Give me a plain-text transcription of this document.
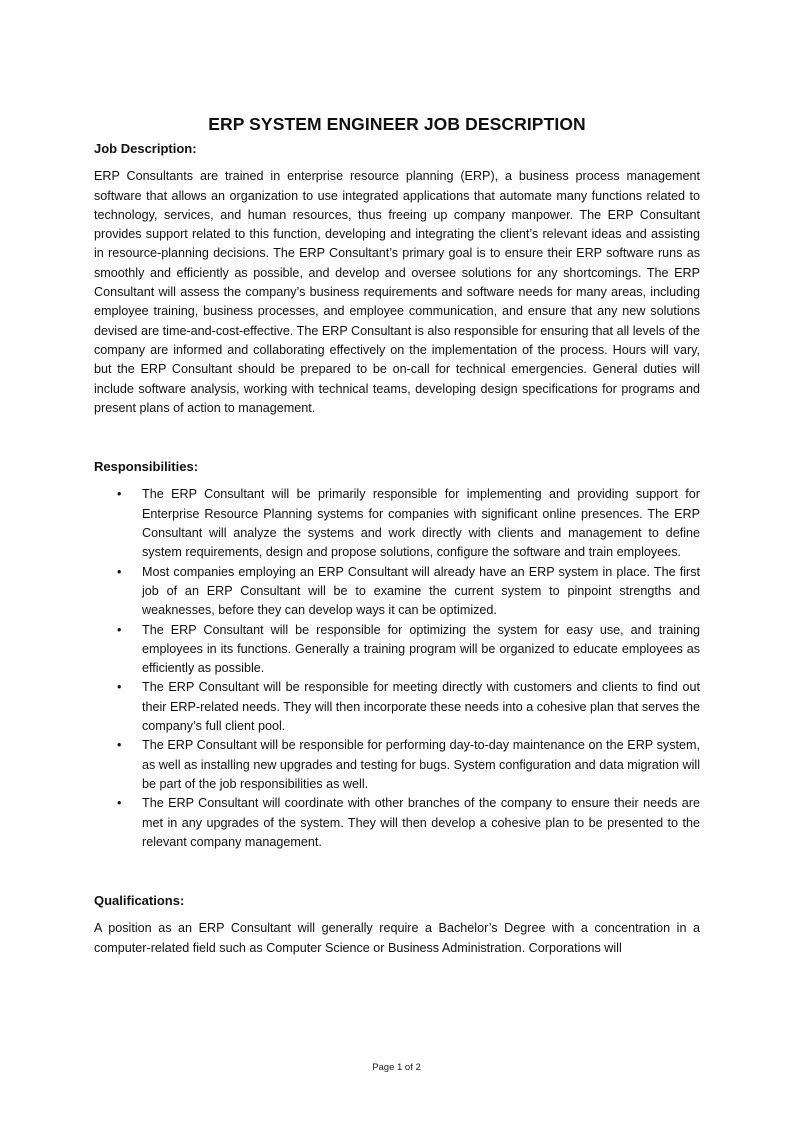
ERP SYSTEM ENGINEER JOB DESCRIPTION
Job Description:

ERP Consultants are trained in enterprise resource planning (ERP), a business process management software that allows an organization to use integrated applications that automate many functions related to technology, services, and human resources, thus freeing up company manpower. The ERP Consultant provides support related to this function, developing and integrating the client’s relevant ideas and assisting in resource-planning decisions. The ERP Consultant’s primary goal is to ensure their ERP software runs as smoothly and efficiently as possible, and develop and oversee solutions for any shortcomings. The ERP Consultant will assess the company’s business requirements and software needs for many areas, including employee training, business processes, and employee communication, and ensure that any new solutions devised are time-and-cost-effective. The ERP Consultant is also responsible for ensuring that all levels of the company are informed and collaborating effectively on the implementation of the process. Hours will vary, but the ERP Consultant should be prepared to be on-call for technical emergencies. General duties will include software analysis, working with technical teams, developing design specifications for programs and present plans of action to management.

Responsibilities:
• The ERP Consultant will be primarily responsible for implementing and providing support for Enterprise Resource Planning systems for companies with significant online presences. The ERP Consultant will analyze the systems and work directly with clients and management to define system requirements, design and propose solutions, configure the software and train employees.
• Most companies employing an ERP Consultant will already have an ERP system in place. The first job of an ERP Consultant will be to examine the current system to pinpoint strengths and weaknesses, before they can develop ways it can be optimized.
• The ERP Consultant will be responsible for optimizing the system for easy use, and training employees in its functions. Generally a training program will be organized to educate employees as efficiently as possible.
• The ERP Consultant will be responsible for meeting directly with customers and clients to find out their ERP-related needs. They will then incorporate these needs into a cohesive plan that serves the company’s full client pool.
• The ERP Consultant will be responsible for performing day-to-day maintenance on the ERP system, as well as installing new upgrades and testing for bugs. System configuration and data migration will be part of the job responsibilities as well.
• The ERP Consultant will coordinate with other branches of the company to ensure their needs are met in any upgrades of the system. They will then develop a cohesive plan to be presented to the relevant company management.
Qualifications:

A position as an ERP Consultant will generally require a Bachelor’s Degree with a concentration in a computer-related field such as Computer Science or Business Administration. Corporations will

Page 1 of 2
